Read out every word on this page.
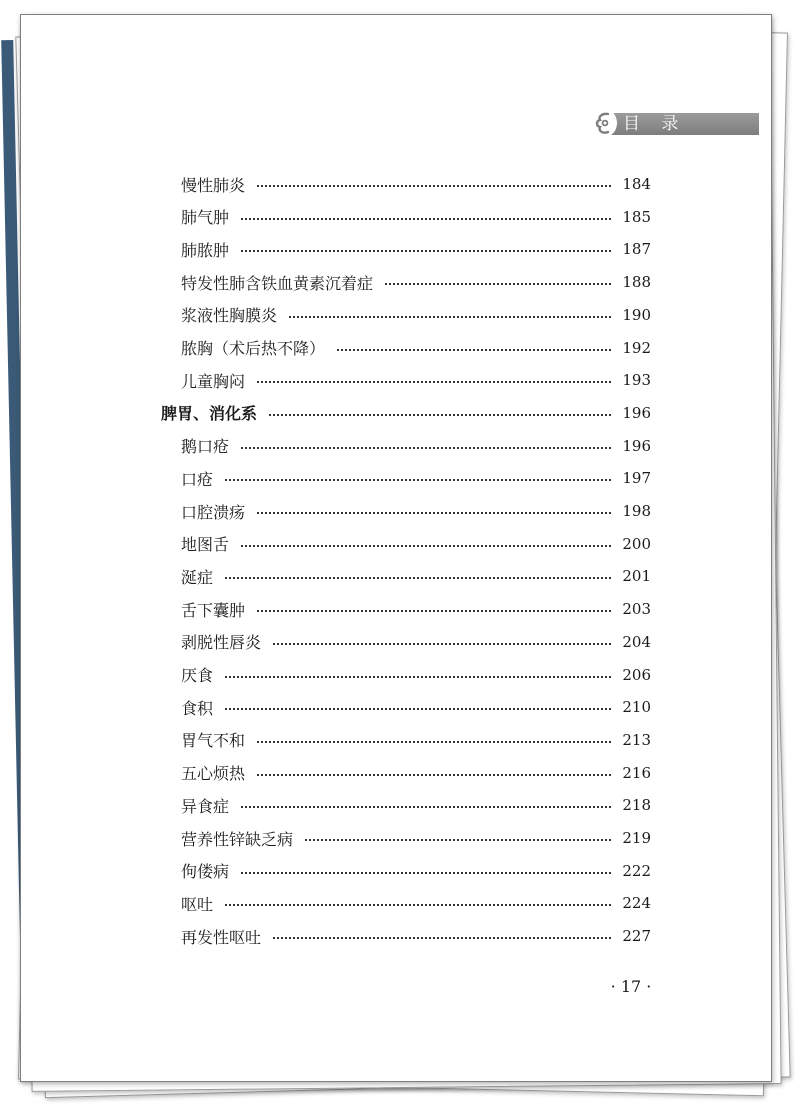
目 录
慢性肺炎	184
肺气肿	185
肺脓肿	187
特发性肺含铁血黄素沉着症	188
浆液性胸膜炎	190
脓胸（术后热不降）	192
儿童胸闷	193
脾胃、消化系	196
鹅口疮	196
口疮	197
口腔溃疡	198
地图舌	200
涎症	201
舌下囊肿	203
剥脱性唇炎	204
厌食	206
食积	210
胃气不和	213
五心烦热	216
异食症	218
营养性锌缺乏病	219
佝偻病	222
呕吐	224
再发性呕吐	227
· 17 ·
